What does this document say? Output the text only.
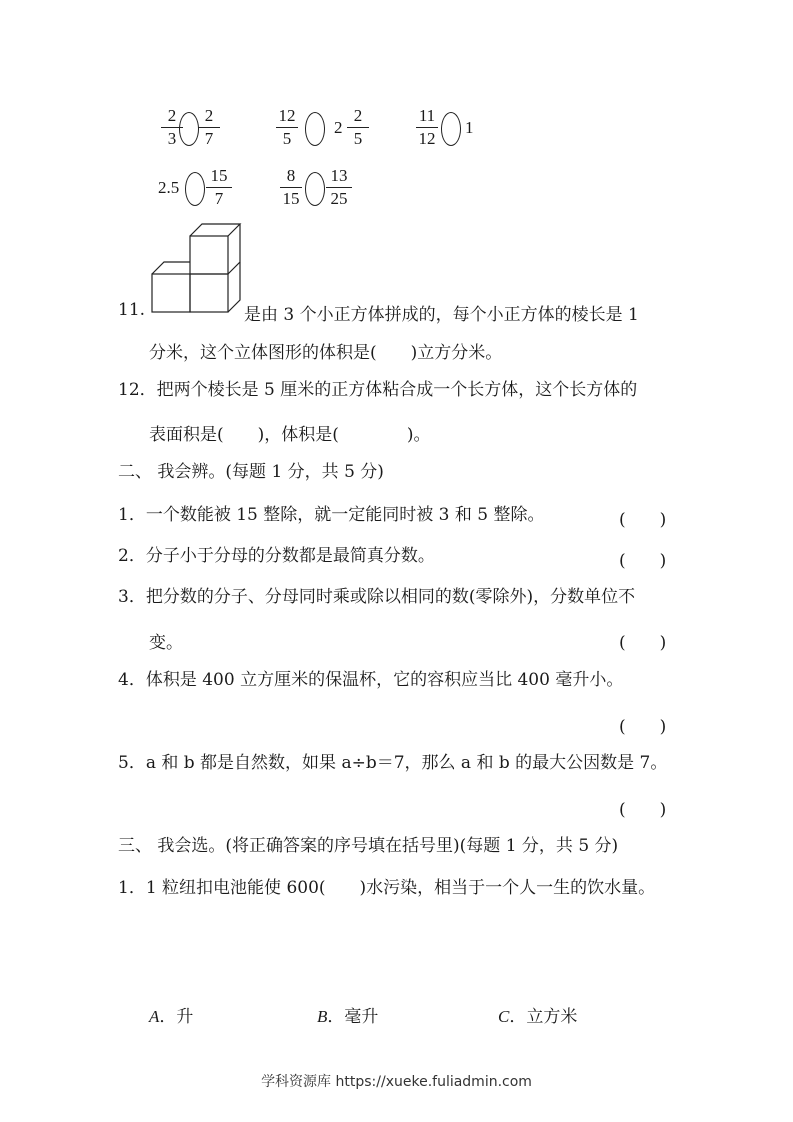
2
3
2
7
12
5
2
2
5
11
12
1
2.5
15
7
8
15
13
25
11.	是由 3 个小正方体拼成的，每个小正方体的棱长是 1
分米，这个立体图形的体积是(　　)立方分米。
12．把两个棱长是 5 厘米的正方体粘合成一个长方体，这个长方体的
表面积是(　　)，体积是(　　　　)。
二、 我会辨。(每题 1 分，共 5 分)
1．一个数能被 15 整除，就一定能同时被 3 和 5 整除。	(　　)
2．分子小于分母的分数都是最简真分数。	(　　)
3．把分数的分子、分母同时乘或除以相同的数(零除外)，分数单位不
变。	(　　)
4．体积是 400 立方厘米的保温杯，它的容积应当比 400 毫升小。
(　　)
5．a 和 b 都是自然数，如果 a÷b＝7，那么 a 和 b 的最大公因数是 7。
(　　)
三、 我会选。(将正确答案的序号填在括号里)(每题 1 分，共 5 分)
1．1 粒纽扣电池能使 600(　　)水污染，相当于一个人一生的饮水量。
A．升	B．毫升	C．立方米
学科资源库 https://xueke.fuliadmin.com
